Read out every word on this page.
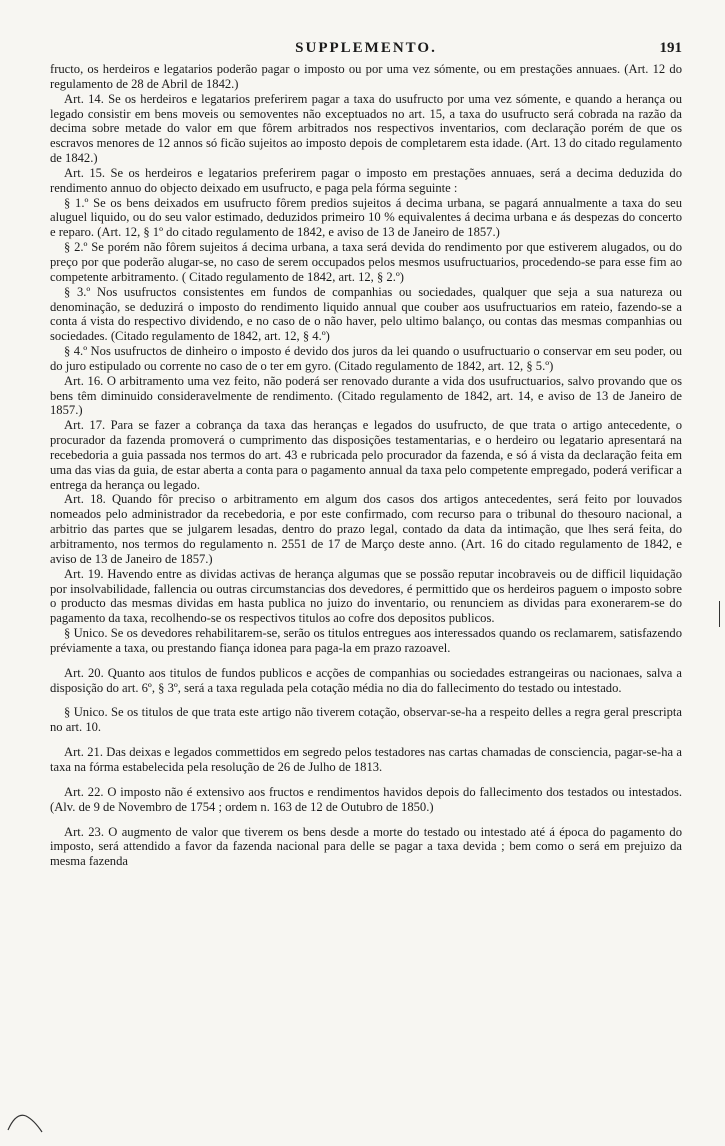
SUPPLEMENTO.	191

fructo, os herdeiros e legatarios poderão pagar o imposto ou por uma vez sómente, ou em prestações annuaes. (Art. 12 do regulamento de 28 de Abril de 1842.)

Art. 14. Se os herdeiros e legatarios preferirem pagar a taxa do usufructo por uma vez sómente, e quando a herança ou legado consistir em bens moveis ou semoventes não exceptuados no art. 15, a taxa do usufructo será cobrada na razão da decima sobre metade do valor em que fôrem arbitrados nos respectivos inventarios, com declaração porém de que os escravos menores de 12 annos só ficão sujeitos ao imposto depois de completarem esta idade. (Art. 13 do citado regulamento de 1842.)

Art. 15. Se os herdeiros e legatarios preferirem pagar o imposto em prestações annuaes, será a decima deduzida do rendimento annuo do objecto deixado em usufructo, e paga pela fórma seguinte :

§ 1.º Se os bens deixados em usufructo fôrem predios sujeitos á decima urbana, se pagará annualmente a taxa do seu aluguel liquido, ou do seu valor estimado, deduzidos primeiro 10 % equivalentes á decima urbana e ás despezas do concerto e reparo. (Art. 12, § 1º do citado regulamento de 1842, e aviso de 13 de Janeiro de 1857.)

§ 2.º Se porém não fôrem sujeitos á decima urbana, a taxa será devida do rendimento por que estiverem alugados, ou do preço por que poderão alugar-se, no caso de serem occupados pelos mesmos usufructuarios, procedendo-se para esse fim ao competente arbitramento. ( Citado regulamento de 1842, art. 12, § 2.º)

§ 3.º Nos usufructos consistentes em fundos de companhias ou sociedades, qualquer que seja a sua natureza ou denominação, se deduzirá o imposto do rendimento liquido annual que couber aos usufructuarios em rateio, fazendo-se a conta á vista do respectivo dividendo, e no caso de o não haver, pelo ultimo balanço, ou contas das mesmas companhias ou sociedades. (Citado regulamento de 1842, art. 12, § 4.º)

§ 4.º Nos usufructos de dinheiro o imposto é devido dos juros da lei quando o usufructuario o conservar em seu poder, ou do juro estipulado ou corrente no caso de o ter em gyro. (Citado regulamento de 1842, art. 12, § 5.º)

Art. 16. O arbitramento uma vez feito, não poderá ser renovado durante a vida dos usufructuarios, salvo provando que os bens têm diminuido consideravelmente de rendimento. (Citado regulamento de 1842, art. 14, e aviso de 13 de Janeiro de 1857.)

Art. 17. Para se fazer a cobrança da taxa das heranças e legados do usufructo, de que trata o artigo antecedente, o procurador da fazenda promoverá o cumprimento das disposições testamentarias, e o herdeiro ou legatario apresentará na recebedoria a guia passada nos termos do art. 43 e rubricada pelo procurador da fazenda, e só á vista da declaração feita em uma das vias da guia, de estar aberta a conta para o pagamento annual da taxa pelo competente empregado, poderá verificar a entrega da herança ou legado.

Art. 18. Quando fôr preciso o arbitramento em algum dos casos dos artigos antecedentes, será feito por louvados nomeados pelo administrador da recebedoria, e por este confirmado, com recurso para o tribunal do thesouro nacional, a arbitrio das partes que se julgarem lesadas, dentro do prazo legal, contado da data da intimação, que lhes será feita, do arbitramento, nos termos do regulamento n. 2551 de 17 de Março deste anno. (Art. 16 do citado regulamento de 1842, e aviso de 13 de Janeiro de 1857.)

Art. 19. Havendo entre as dividas activas de herança algumas que se possão reputar incobraveis ou de difficil liquidação por insolvabilidade, fallencia ou outras circumstancias dos devedores, é permittido que os herdeiros paguem o imposto sobre o producto das mesmas dividas em hasta publica no juizo do inventario, ou renunciem as dividas para exonerarem-se do pagamento da taxa, recolhendo-se os respectivos titulos ao cofre dos depositos publicos.

§ Unico. Se os devedores rehabilitarem-se, serão os titulos entregues aos interessados quando os reclamarem, satisfazendo préviamente a taxa, ou prestando fiança idonea para paga-la em prazo razoavel.

Art. 20. Quanto aos titulos de fundos publicos e acções de companhias ou sociedades estrangeiras ou nacionaes, salva a disposição do art. 6º, § 3º, será a taxa regulada pela cotação média no dia do fallecimento do testado ou intestado.

§ Unico. Se os titulos de que trata este artigo não tiverem cotação, observar-se-ha a respeito delles a regra geral prescripta no art. 10.

Art. 21. Das deixas e legados commettidos em segredo pelos testadores nas cartas chamadas de consciencia, pagar-se-ha a taxa na fórma estabelecida pela resolução de 26 de Julho de 1813.

Art. 22. O imposto não é extensivo aos fructos e rendimentos havidos depois do fallecimento dos testados ou intestados. (Alv. de 9 de Novembro de 1754 ; ordem n. 163 de 12 de Outubro de 1850.)

Art. 23. O augmento de valor que tiverem os bens desde a morte do testado ou intestado até á época do pagamento do imposto, será attendido a favor da fazenda nacional para delle se pagar a taxa devida ; bem como o será em prejuizo da mesma fazenda
